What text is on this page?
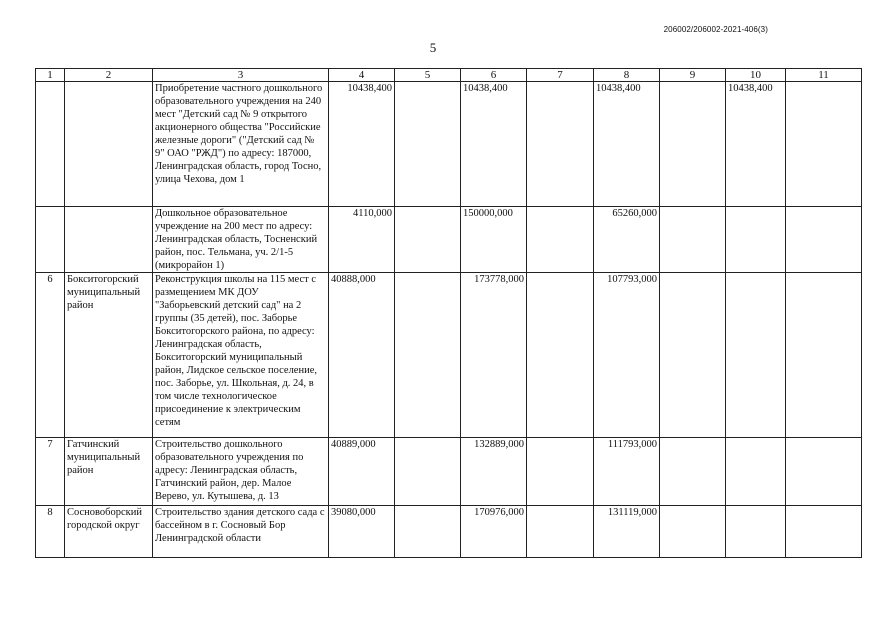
206002/206002-2021-406(3)
5
1	2	3	4	5	6	7	8	9	10	11
		Приобретение частного дошкольного образовательного учреждения на 240 мест "Детский сад № 9 открытого акционерного общества "Российские железные дороги" ("Детский сад № 9" ОАО "РЖД") по адресу: 187000, Ленинградская область, город Тосно, улица Чехова, дом 1	10438,400		10438,400		10438,400		10438,400	
		Дошкольное образовательное учреждение на 200 мест по адресу: Ленинградская область, Тосненский район, пос. Тельмана, уч. 2/1-5 (микрорайон 1)	4110,000		150000,000		65260,000			
6	Бокситогорский муниципальный район	Реконструкция школы на 115 мест с размещением МК ДОУ "Заборьевский детский сад" на 2 группы (35 детей), пос. Заборье Бокситогорского района, по адресу: Ленинградская область, Бокситогорский муниципальный район, Лидское сельское поселение, пос. Заборье, ул. Школьная, д. 24, в том числе технологическое присоединение к электрическим сетям	40888,000		173778,000		107793,000			
7	Гатчинский муниципальный район	Строительство дошкольного образовательного учреждения по адресу: Ленинградская область, Гатчинский район, дер. Малое Верево, ул. Кутышева, д. 13	40889,000		132889,000		111793,000			
8	Сосновоборский городской округ	Строительство здания детского сада с бассейном в г. Сосновый Бор Ленинградской области	39080,000		170976,000		131119,000			
